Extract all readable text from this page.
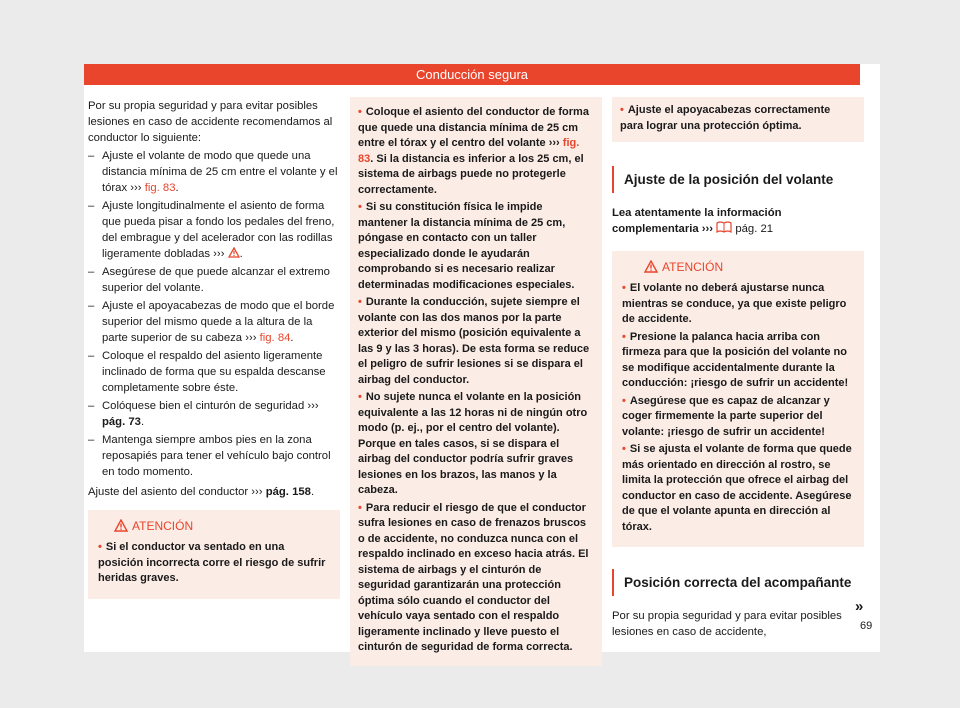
Conducción segura

Por su propia seguridad y para evitar posibles lesiones en caso de accidente recomendamos al conductor lo siguiente:

– Ajuste el volante de modo que quede una distancia mínima de 25 cm entre el volante y el tórax ››› fig. 83.
– Ajuste longitudinalmente el asiento de forma que pueda pisar a fondo los pedales del freno, del embrague y del acelerador con las rodillas ligeramente dobladas ››› .
– Asegúrese de que puede alcanzar el extremo superior del volante.
– Ajuste el apoyacabezas de modo que el borde superior del mismo quede a la altura de la parte superior de su cabeza ››› fig. 84.
– Coloque el respaldo del asiento ligeramente inclinado de forma que su espalda descanse completamente sobre éste.
– Colóquese bien el cinturón de seguridad ››› pág. 73.
– Mantenga siempre ambos pies en la zona reposapiés para tener el vehículo bajo control en todo momento.

Ajuste del asiento del conductor ››› pág. 158.

ATENCIÓN
• Si el conductor va sentado en una posición incorrecta corre el riesgo de sufrir heridas graves.
• Coloque el asiento del conductor de forma que quede una distancia mínima de 25 cm entre el tórax y el centro del volante ››› fig. 83. Si la distancia es inferior a los 25 cm, el sistema de airbags puede no protegerle correctamente.
• Si su constitución física le impide mantener la distancia mínima de 25 cm, póngase en contacto con un taller especializado donde le ayudarán comprobando si es necesario realizar determinadas modificaciones especiales.
• Durante la conducción, sujete siempre el volante con las dos manos por la parte exterior del mismo (posición equivalente a las 9 y las 3 horas). De esta forma se reduce el peligro de sufrir lesiones si se dispara el airbag del conductor.
• No sujete nunca el volante en la posición equivalente a las 12 horas ni de ningún otro modo (p. ej., por el centro del volante). Porque en tales casos, si se dispara el airbag del conductor podría sufrir graves lesiones en los brazos, las manos y la cabeza.
• Para reducir el riesgo de que el conductor sufra lesiones en caso de frenazos bruscos o de accidente, no conduzca nunca con el respaldo inclinado en exceso hacia atrás. El sistema de airbags y el cinturón de seguridad garantizarán una protección óptima sólo cuando el conductor del vehículo vaya sentado con el respaldo ligeramente inclinado y lleve puesto el cinturón de seguridad de forma correcta.
• Ajuste el apoyacabezas correctamente para lograr una protección óptima.
Ajuste de la posición del volante

Lea atentamente la información complementaria ›››  pág. 21

ATENCIÓN
• El volante no deberá ajustarse nunca mientras se conduce, ya que existe peligro de accidente.
• Presione la palanca hacia arriba con firmeza para que la posición del volante no se modifique accidentalmente durante la conducción: ¡riesgo de sufrir un accidente!
• Asegúrese que es capaz de alcanzar y coger firmemente la parte superior del volante: ¡riesgo de sufrir un accidente!
• Si se ajusta el volante de forma que quede más orientado en dirección al rostro, se limita la protección que ofrece el airbag del conductor en caso de accidente. Asegúrese de que el volante apunta en dirección al tórax.
Posición correcta del acompañante

Por su propia seguridad y para evitar posibles lesiones en caso de accidente,

»
69
